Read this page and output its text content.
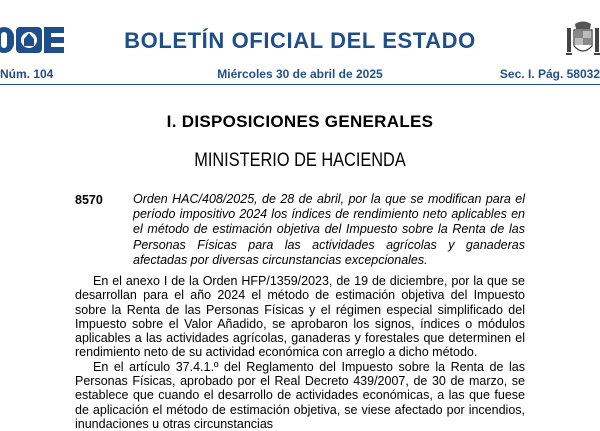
BOE
BOLETÍN OFICIAL DEL ESTADO
Núm. 104	Miércoles 30 de abril de 2025	Sec. I. Pág. 58032
I. DISPOSICIONES GENERALES
MINISTERIO DE HACIENDA
8570 Orden HAC/408/2025, de 28 de abril, por la que se modifican para el período impositivo 2024 los índices de rendimiento neto aplicables en el método de estimación objetiva del Impuesto sobre la Renta de las Personas Físicas para las actividades agrícolas y ganaderas afectadas por diversas circunstancias excepcionales.

En el anexo I de la Orden HFP/1359/2023, de 19 de diciembre, por la que se desarrollan para el año 2024 el método de estimación objetiva del Impuesto sobre la Renta de las Personas Físicas y el régimen especial simplificado del Impuesto sobre el Valor Añadido, se aprobaron los signos, índices o módulos aplicables a las actividades agrícolas, ganaderas y forestales que determinen el rendimiento neto de su actividad económica con arreglo a dicho método.

En el artículo 37.4.1.º del Reglamento del Impuesto sobre la Renta de las Personas Físicas, aprobado por el Real Decreto 439/2007, de 30 de marzo, se establece que cuando el desarrollo de actividades económicas, a las que fuese de aplicación el método de estimación objetiva, se viese afectado por incendios, inundaciones u otras circunstancias
